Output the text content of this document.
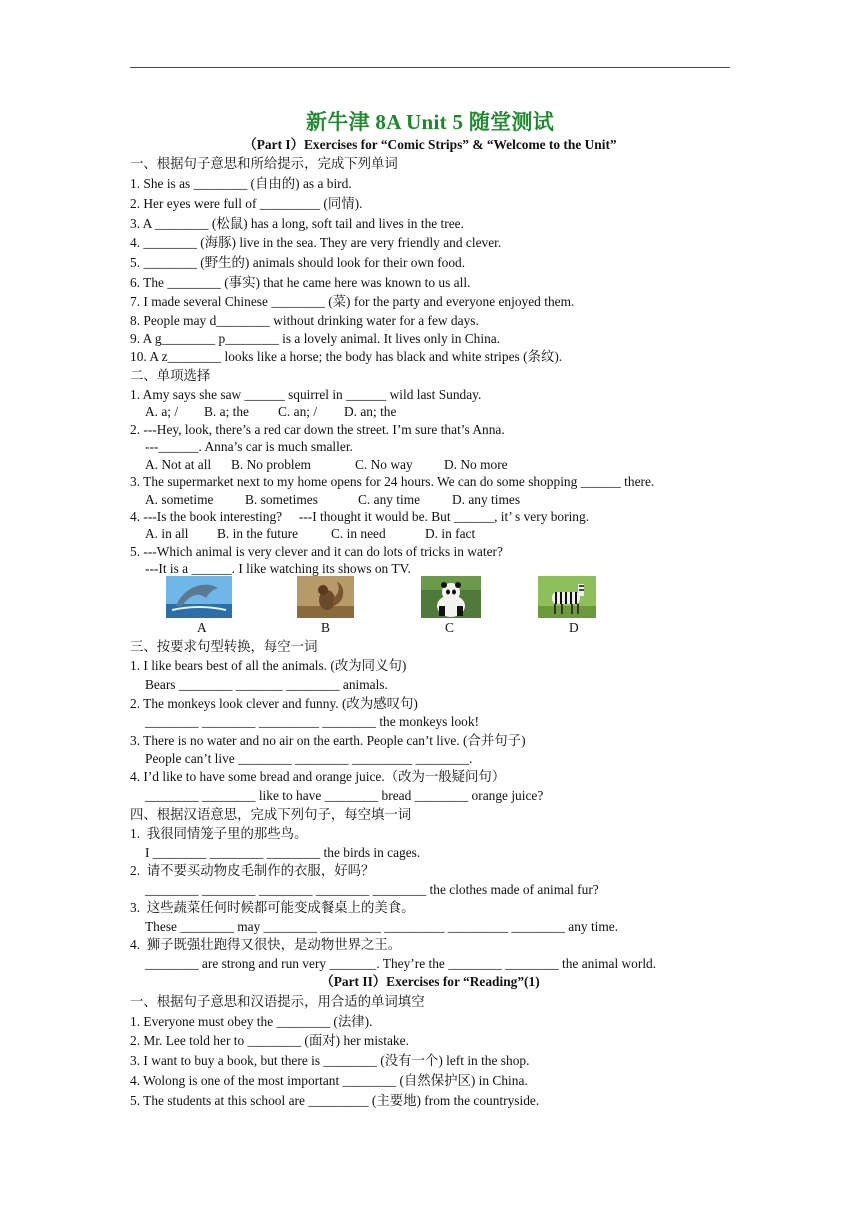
新牛津 8A Unit 5 随堂测试
（Part I）Exercises for “Comic Strips” & “Welcome to the Unit”
一、根据句子意思和所给提示，完成下列单词
1. She is as ________ (自由的) as a bird.
2. Her eyes were full of _________ (同情).
3. A ________ (松鼠) has a long, soft tail and lives in the tree.
4. ________ (海豚) live in the sea. They are very friendly and clever.
5. ________ (野生的) animals should look for their own food.
6. The ________ (事实) that he came here was known to us all.
7. I made several Chinese ________ (菜) for the party and everyone enjoyed them.
8. People may d________ without drinking water for a few days.
9. A g________ p________ is a lovely animal. It lives only in China.
10. A z________ looks like a horse; the body has black and white stripes (条纹).
二、单项选择
1. Amy says she saw ______ squirrel in ______ wild last Sunday.
A. a; / B. a; the C. an; / D. an; the
2. ---Hey, look, there’s a red car down the street. I’m sure that’s Anna.
---______. Anna’s car is much smaller.
A. Not at all B. No problem	C. No way D. No more
3. The supermarket next to my home opens for 24 hours. We can do some shopping ______ there.
A. sometime B. sometimes	C. any time D. any times
4. ---Is the book interesting?     ---I thought it would be. But ______, it’ s very boring.
A. in all B. in the future C. in need	D. in fact
5. ---Which animal is very clever and it can do lots of tricks in water?
---It is a ______. I like watching its shows on TV.
A	B	C	D
三、按要求句型转换，每空一词
1. I like bears best of all the animals. (改为同义句)
Bears ________ _______ ________ animals.
2. The monkeys look clever and funny. (改为感叹句)
________ ________ _________ ________ the monkeys look!
3. There is no water and no air on the earth. People can’t live. (合并句子)
People can’t live ________ ________ _________ ________.
4. I’d like to have some bread and orange juice.（改为一般疑问句）
________ ________ like to have ________ bread ________ orange juice?
四、根据汉语意思，完成下列句子，每空填一词
1.  我很同情笼子里的那些鸟。
I ________ ________ ________ the birds in cages.
2.  请不要买动物皮毛制作的衣服，好吗？
________ ________ ________ ________ ________ the clothes made of animal fur?
3.  这些蔬菜任何时候都可能变成餐桌上的美食。
These ________ may ________ _________ _________ _________ ________ any time.
4.  狮子既强壮跑得又很快，是动物世界之王。
________ are strong and run very _______. They’re the ________ ________ the animal world.
（Part II）Exercises for “Reading”(1)
一、根据句子意思和汉语提示，用合适的单词填空
1. Everyone must obey the ________ (法律).
2. Mr. Lee told her to ________ (面对) her mistake.
3. I want to buy a book, but there is ________ (没有一个) left in the shop.
4. Wolong is one of the most important ________ (自然保护区) in China.
5. The students at this school are _________ (主要地) from the countryside.
